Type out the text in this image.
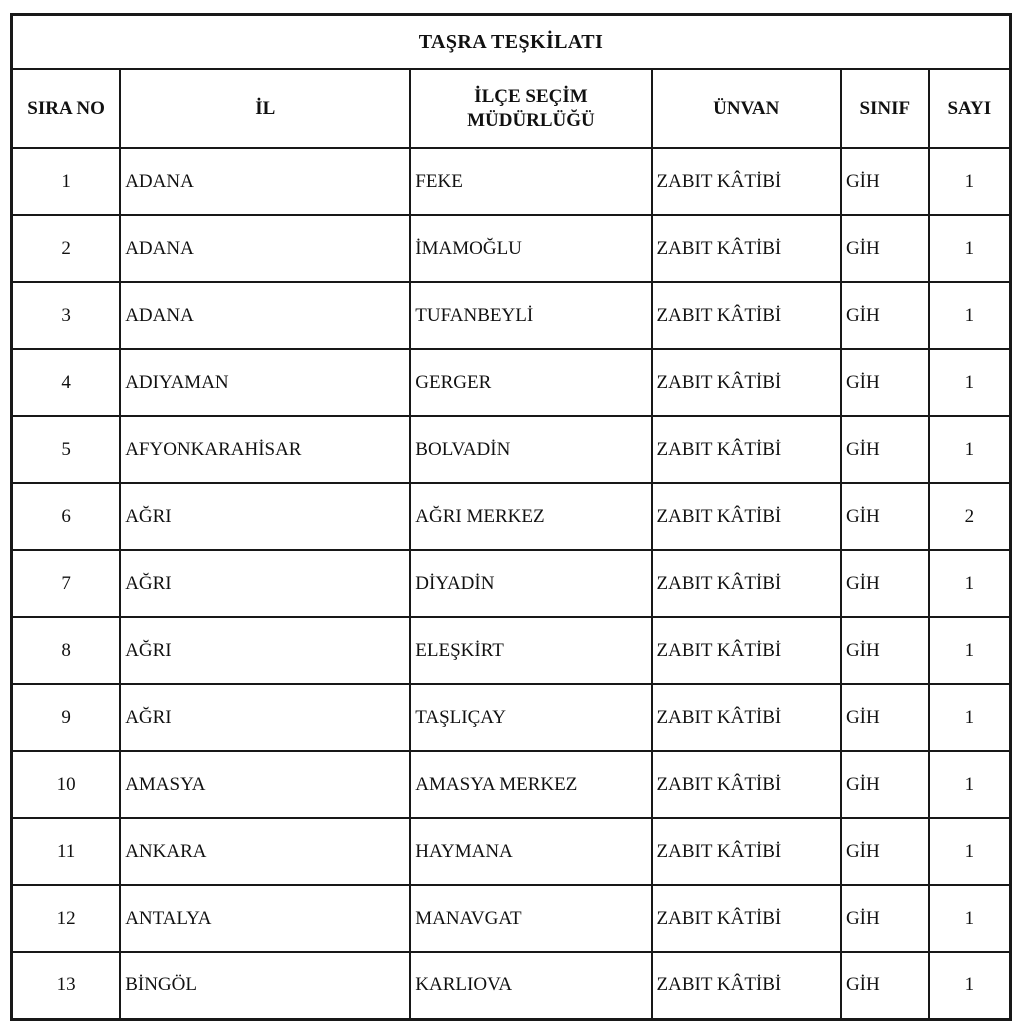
TAŞRA TEŞKİLATI					
SIRA NO	İL	İLÇE SEÇİM MÜDÜRLÜĞÜ	ÜNVAN	SINIF	SAYI
1	ADANA	FEKE	ZABIT KÂTİBİ	GİH	1
2	ADANA	İMAMOĞLU	ZABIT KÂTİBİ	GİH	1
3	ADANA	TUFANBEYLİ	ZABIT KÂTİBİ	GİH	1
4	ADIYAMAN	GERGER	ZABIT KÂTİBİ	GİH	1
5	AFYONKARAHİSAR	BOLVADİN	ZABIT KÂTİBİ	GİH	1
6	AĞRI	AĞRI MERKEZ	ZABIT KÂTİBİ	GİH	2
7	AĞRI	DİYADİN	ZABIT KÂTİBİ	GİH	1
8	AĞRI	ELEŞKİRT	ZABIT KÂTİBİ	GİH	1
9	AĞRI	TAŞLIÇAY	ZABIT KÂTİBİ	GİH	1
10	AMASYA	AMASYA MERKEZ	ZABIT KÂTİBİ	GİH	1
11	ANKARA	HAYMANA	ZABIT KÂTİBİ	GİH	1
12	ANTALYA	MANAVGAT	ZABIT KÂTİBİ	GİH	1
13	BİNGÖL	KARLIOVA	ZABIT KÂTİBİ	GİH	1
